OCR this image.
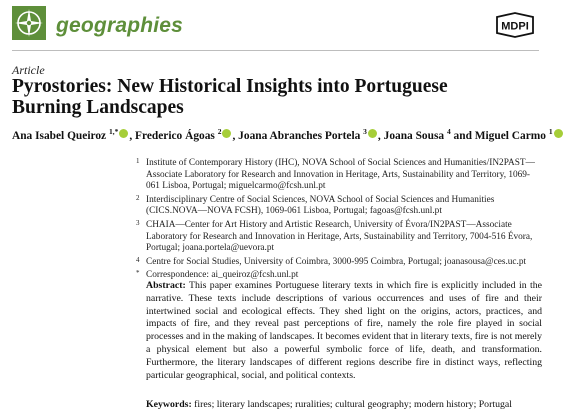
geographies	MDPI
Article
Pyrostories: New Historical Insights into Portuguese
Burning Landscapes
Ana Isabel Queiroz $^{1,*}$ , Frederico Ágoas $^2$ , Joana Abranches Portela $^3$ , Joana Sousa $^4$ and Miguel Carmo $^1$
1 Institute of Contemporary History (IHC), NOVA School of Social Sciences and Humanities/IN2PAST—Associate Laboratory for Research and Innovation in Heritage, Arts, Sustainability and Territory, 1069-061 Lisboa, Portugal; miguelcarmo@fcsh.unl.pt
2 Interdisciplinary Centre of Social Sciences, NOVA School of Social Sciences and Humanities (CICS.NOVA—NOVA FCSH), 1069-061 Lisboa, Portugal; fagoas@fcsh.unl.pt
3 CHAIA—Center for Art History and Artistic Research, University of Évora/IN2PAST—Associate Laboratory for Research and Innovation in Heritage, Arts, Sustainability and Territory, 7004-516 Évora, Portugal; joana.portela@uevora.pt
4 Centre for Social Studies, University of Coimbra, 3000-995 Coimbra, Portugal; joanasousa@ces.uc.pt
* Correspondence: ai_queiroz@fcsh.unl.pt
Abstract: This paper examines Portuguese literary texts in which fire is explicitly included in the narrative. These texts include descriptions of various occurrences and uses of fire and their intertwined social and ecological effects. They shed light on the origins, actors, practices, and impacts of fire, and they reveal past perceptions of fire, namely the role fire played in social processes and in the making of landscapes. It becomes evident that in literary texts, fire is not merely a physical element but also a powerful symbolic force of life, death, and transformation. Furthermore, the literary landscapes of different regions describe fire in distinct ways, reflecting particular geographical, social, and political contexts.
Keywords: fires; literary landscapes; ruralities; cultural geography; modern history; Portugal
